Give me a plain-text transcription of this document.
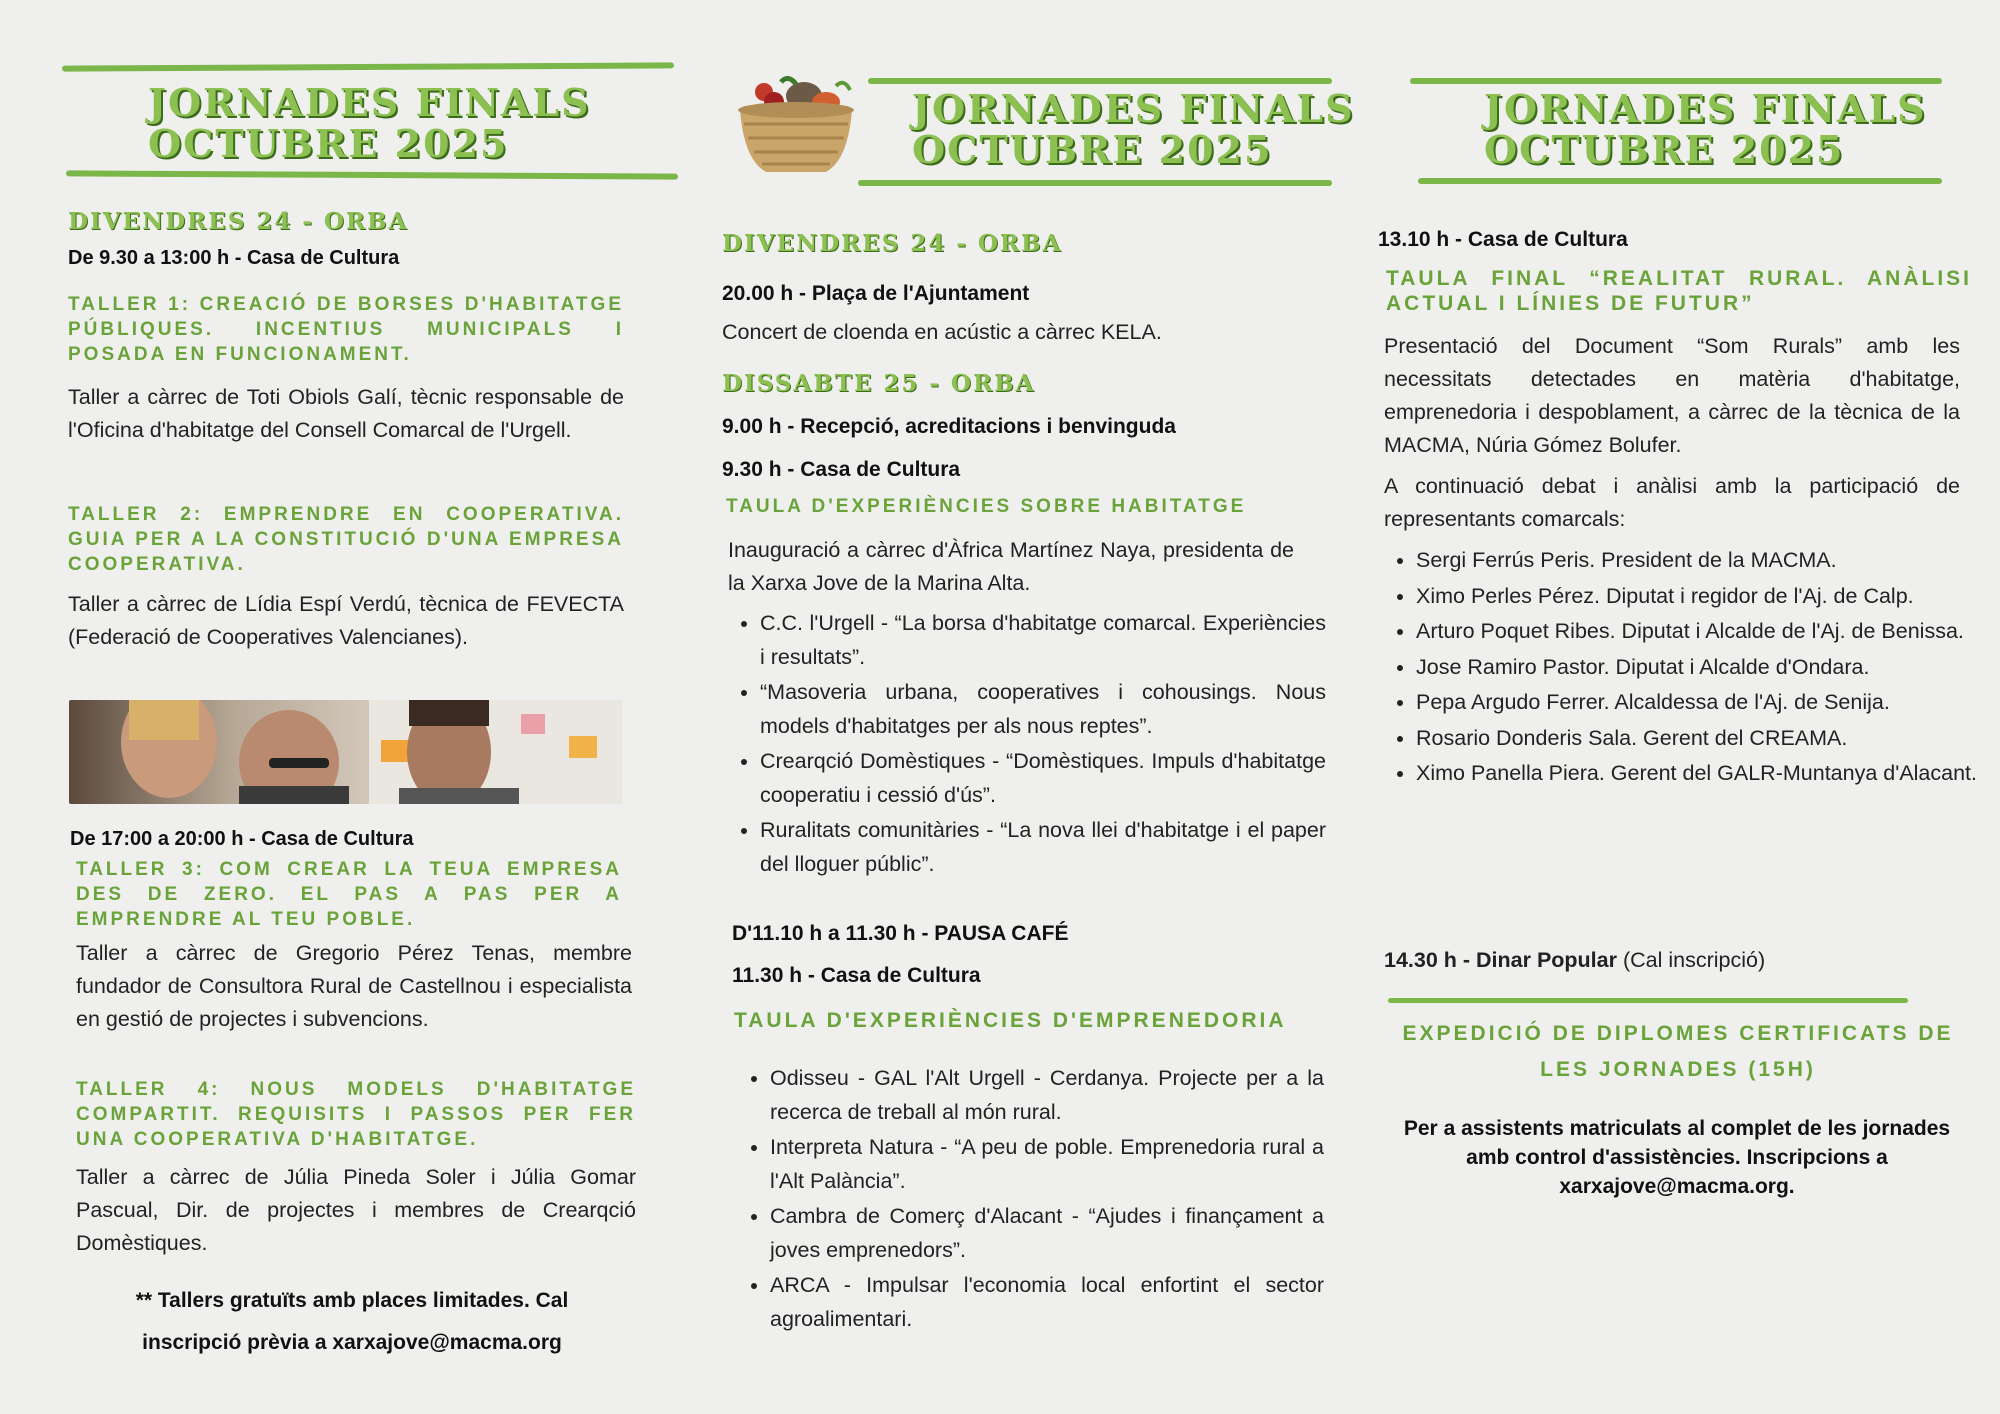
JORNADES FINALS
OCTUBRE 2025
DIVENDRES 24 - ORBA
De 9.30 a 13:00 h - Casa de Cultura
TALLER 1: CREACIÓ DE BORSES D'HABITATGE PÚBLIQUES. INCENTIUS MUNICIPALS I POSADA EN FUNCIONAMENT.
Taller a càrrec de Toti Obiols Galí, tècnic responsable de l'Oficina d'habitatge del Consell Comarcal de l'Urgell.
TALLER 2: EMPRENDRE EN COOPERATIVA. GUIA PER A LA CONSTITUCIÓ D'UNA EMPRESA COOPERATIVA.
Taller a càrrec de Lídia Espí Verdú, tècnica de FEVECTA (Federació de Cooperatives Valencianes).
De 17:00 a 20:00 h - Casa de Cultura
TALLER 3: COM CREAR LA TEUA EMPRESA DES DE ZERO. EL PAS A PAS PER A EMPRENDRE AL TEU POBLE.
Taller a càrrec de Gregorio Pérez Tenas, membre fundador de Consultora Rural de Castellnou i especialista en gestió de projectes i subvencions.
TALLER 4: NOUS MODELS D'HABITATGE COMPARTIT. REQUISITS I PASSOS PER FER UNA COOPERATIVA D'HABITATGE.
Taller a càrrec de Júlia Pineda Soler i Júlia Gomar Pascual, Dir. de projectes i membres de Crearqció Domèstiques.
** Tallers gratuïts amb places limitades. Cal inscripció prèvia a xarxajove@macma.org
JORNADES FINALS
OCTUBRE 2025
DIVENDRES 24 - ORBA
20.00 h - Plaça de l'Ajuntament
Concert de cloenda en acústic a càrrec KELA.
DISSABTE 25 - ORBA
9.00 h - Recepció, acreditacions i benvinguda
9.30 h - Casa de Cultura
TAULA D'EXPERIÈNCIES SOBRE HABITATGE
Inauguració a càrrec d'Àfrica Martínez Naya, presidenta de la Xarxa Jove de la Marina Alta.
• C.C. l'Urgell - “La borsa d'habitatge comarcal. Experiències i resultats”.
• “Masoveria urbana, cooperatives i cohousings. Nous models d'habitatges per als nous reptes”.
• Crearqció Domèstiques - “Domèstiques. Impuls d'habitatge cooperatiu i cessió d'ús”.
• Ruralitats comunitàries - “La nova llei d'habitatge i el paper del lloguer públic”.
D'11.10 h a 11.30 h - PAUSA CAFÉ
11.30 h - Casa de Cultura
TAULA D'EXPERIÈNCIES D'EMPRENEDORIA
• Odisseu - GAL l'Alt Urgell - Cerdanya. Projecte per a la recerca de treball al món rural.
• Interpreta Natura - “A peu de poble. Emprenedoria rural a l'Alt Palància”.
• Cambra de Comerç d'Alacant - “Ajudes i finançament a joves emprenedors”.
• ARCA - Impulsar l'economia local enfortint el sector agroalimentari.
JORNADES FINALS
OCTUBRE 2025
13.10 h - Casa de Cultura
TAULA FINAL “REALITAT RURAL. ANÀLISI ACTUAL I LÍNIES DE FUTUR”
Presentació del Document “Som Rurals” amb les necessitats detectades en matèria d'habitatge, emprenedoria i despoblament, a càrrec de la tècnica de la MACMA, Núria Gómez Bolufer.
A continuació debat i anàlisi amb la participació de representants comarcals:
• Sergi Ferrús Peris. President de la MACMA.
• Ximo Perles Pérez. Diputat i regidor de l'Aj. de Calp.
• Arturo Poquet Ribes. Diputat i Alcalde de l'Aj. de Benissa.
• Jose Ramiro Pastor. Diputat i Alcalde d'Ondara.
• Pepa Argudo Ferrer. Alcaldessa de l'Aj. de Senija.
• Rosario Donderis Sala. Gerent del CREAMA.
• Ximo Panella Piera. Gerent del GALR-Muntanya d'Alacant.
14.30 h - Dinar Popular (Cal inscripció)
EXPEDICIÓ DE DIPLOMES CERTIFICATS DE LES JORNADES (15H)
Per a assistents matriculats al complet de les jornades amb control d'assistències. Inscripcions a xarxajove@macma.org.
